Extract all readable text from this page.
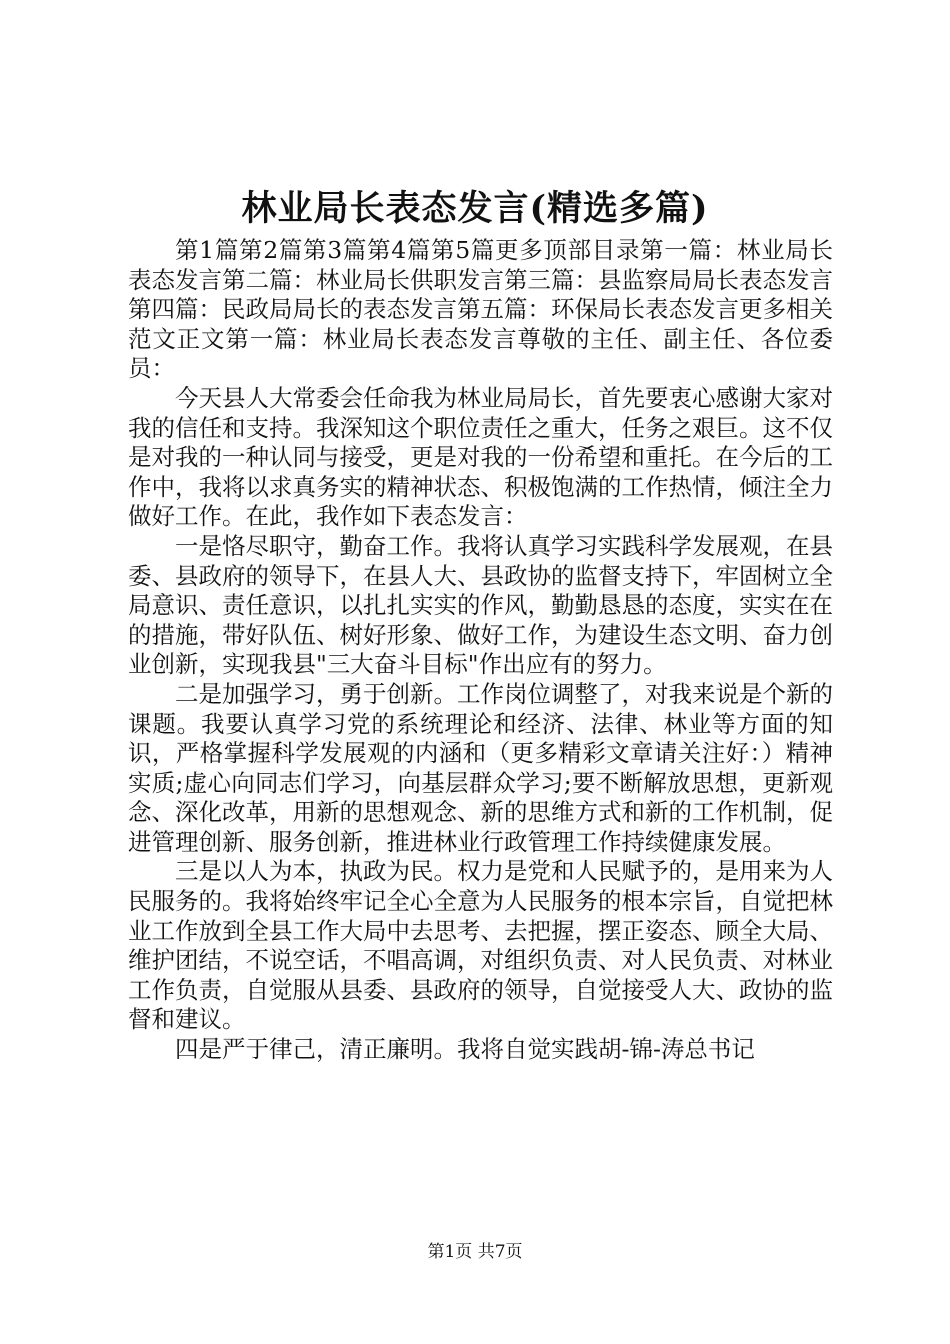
林业局长表态发言(精选多篇)

第1篇第2篇第3篇第4篇第5篇更多顶部目录第一篇：林业局长表态发言第二篇：林业局长供职发言第三篇：县监察局局长表态发言第四篇：民政局局长的表态发言第五篇：环保局长表态发言更多相关范文正文第一篇：林业局长表态发言尊敬的主任、副主任、各位委员：

今天县人大常委会任命我为林业局局长，首先要衷心感谢大家对我的信任和支持。我深知这个职位责任之重大，任务之艰巨。这不仅是对我的一种认同与接受，更是对我的一份希望和重托。在今后的工作中，我将以求真务实的精神状态、积极饱满的工作热情，倾注全力做好工作。在此，我作如下表态发言：

一是恪尽职守，勤奋工作。我将认真学习实践科学发展观，在县委、县政府的领导下，在县人大、县政协的监督支持下，牢固树立全局意识、责任意识，以扎扎实实的作风，勤勤恳恳的态度，实实在在的措施，带好队伍、树好形象、做好工作，为建设生态文明、奋力创业创新，实现我县"三大奋斗目标"作出应有的努力。

二是加强学习，勇于创新。工作岗位调整了，对我来说是个新的课题。我要认真学习党的系统理论和经济、法律、林业等方面的知识，严格掌握科学发展观的内涵和（更多精彩文章请关注好：）精神实质;虚心向同志们学习，向基层群众学习;要不断解放思想，更新观念、深化改革，用新的思想观念、新的思维方式和新的工作机制，促进管理创新、服务创新，推进林业行政管理工作持续健康发展。

三是以人为本，执政为民。权力是党和人民赋予的，是用来为人民服务的。我将始终牢记全心全意为人民服务的根本宗旨，自觉把林业工作放到全县工作大局中去思考、去把握，摆正姿态、顾全大局、维护团结，不说空话，不唱高调，对组织负责、对人民负责、对林业工作负责，自觉服从县委、县政府的领导，自觉接受人大、政协的监督和建议。

四是严于律己，清正廉明。我将自觉实践胡-锦-涛总书记

第1页 共7页
